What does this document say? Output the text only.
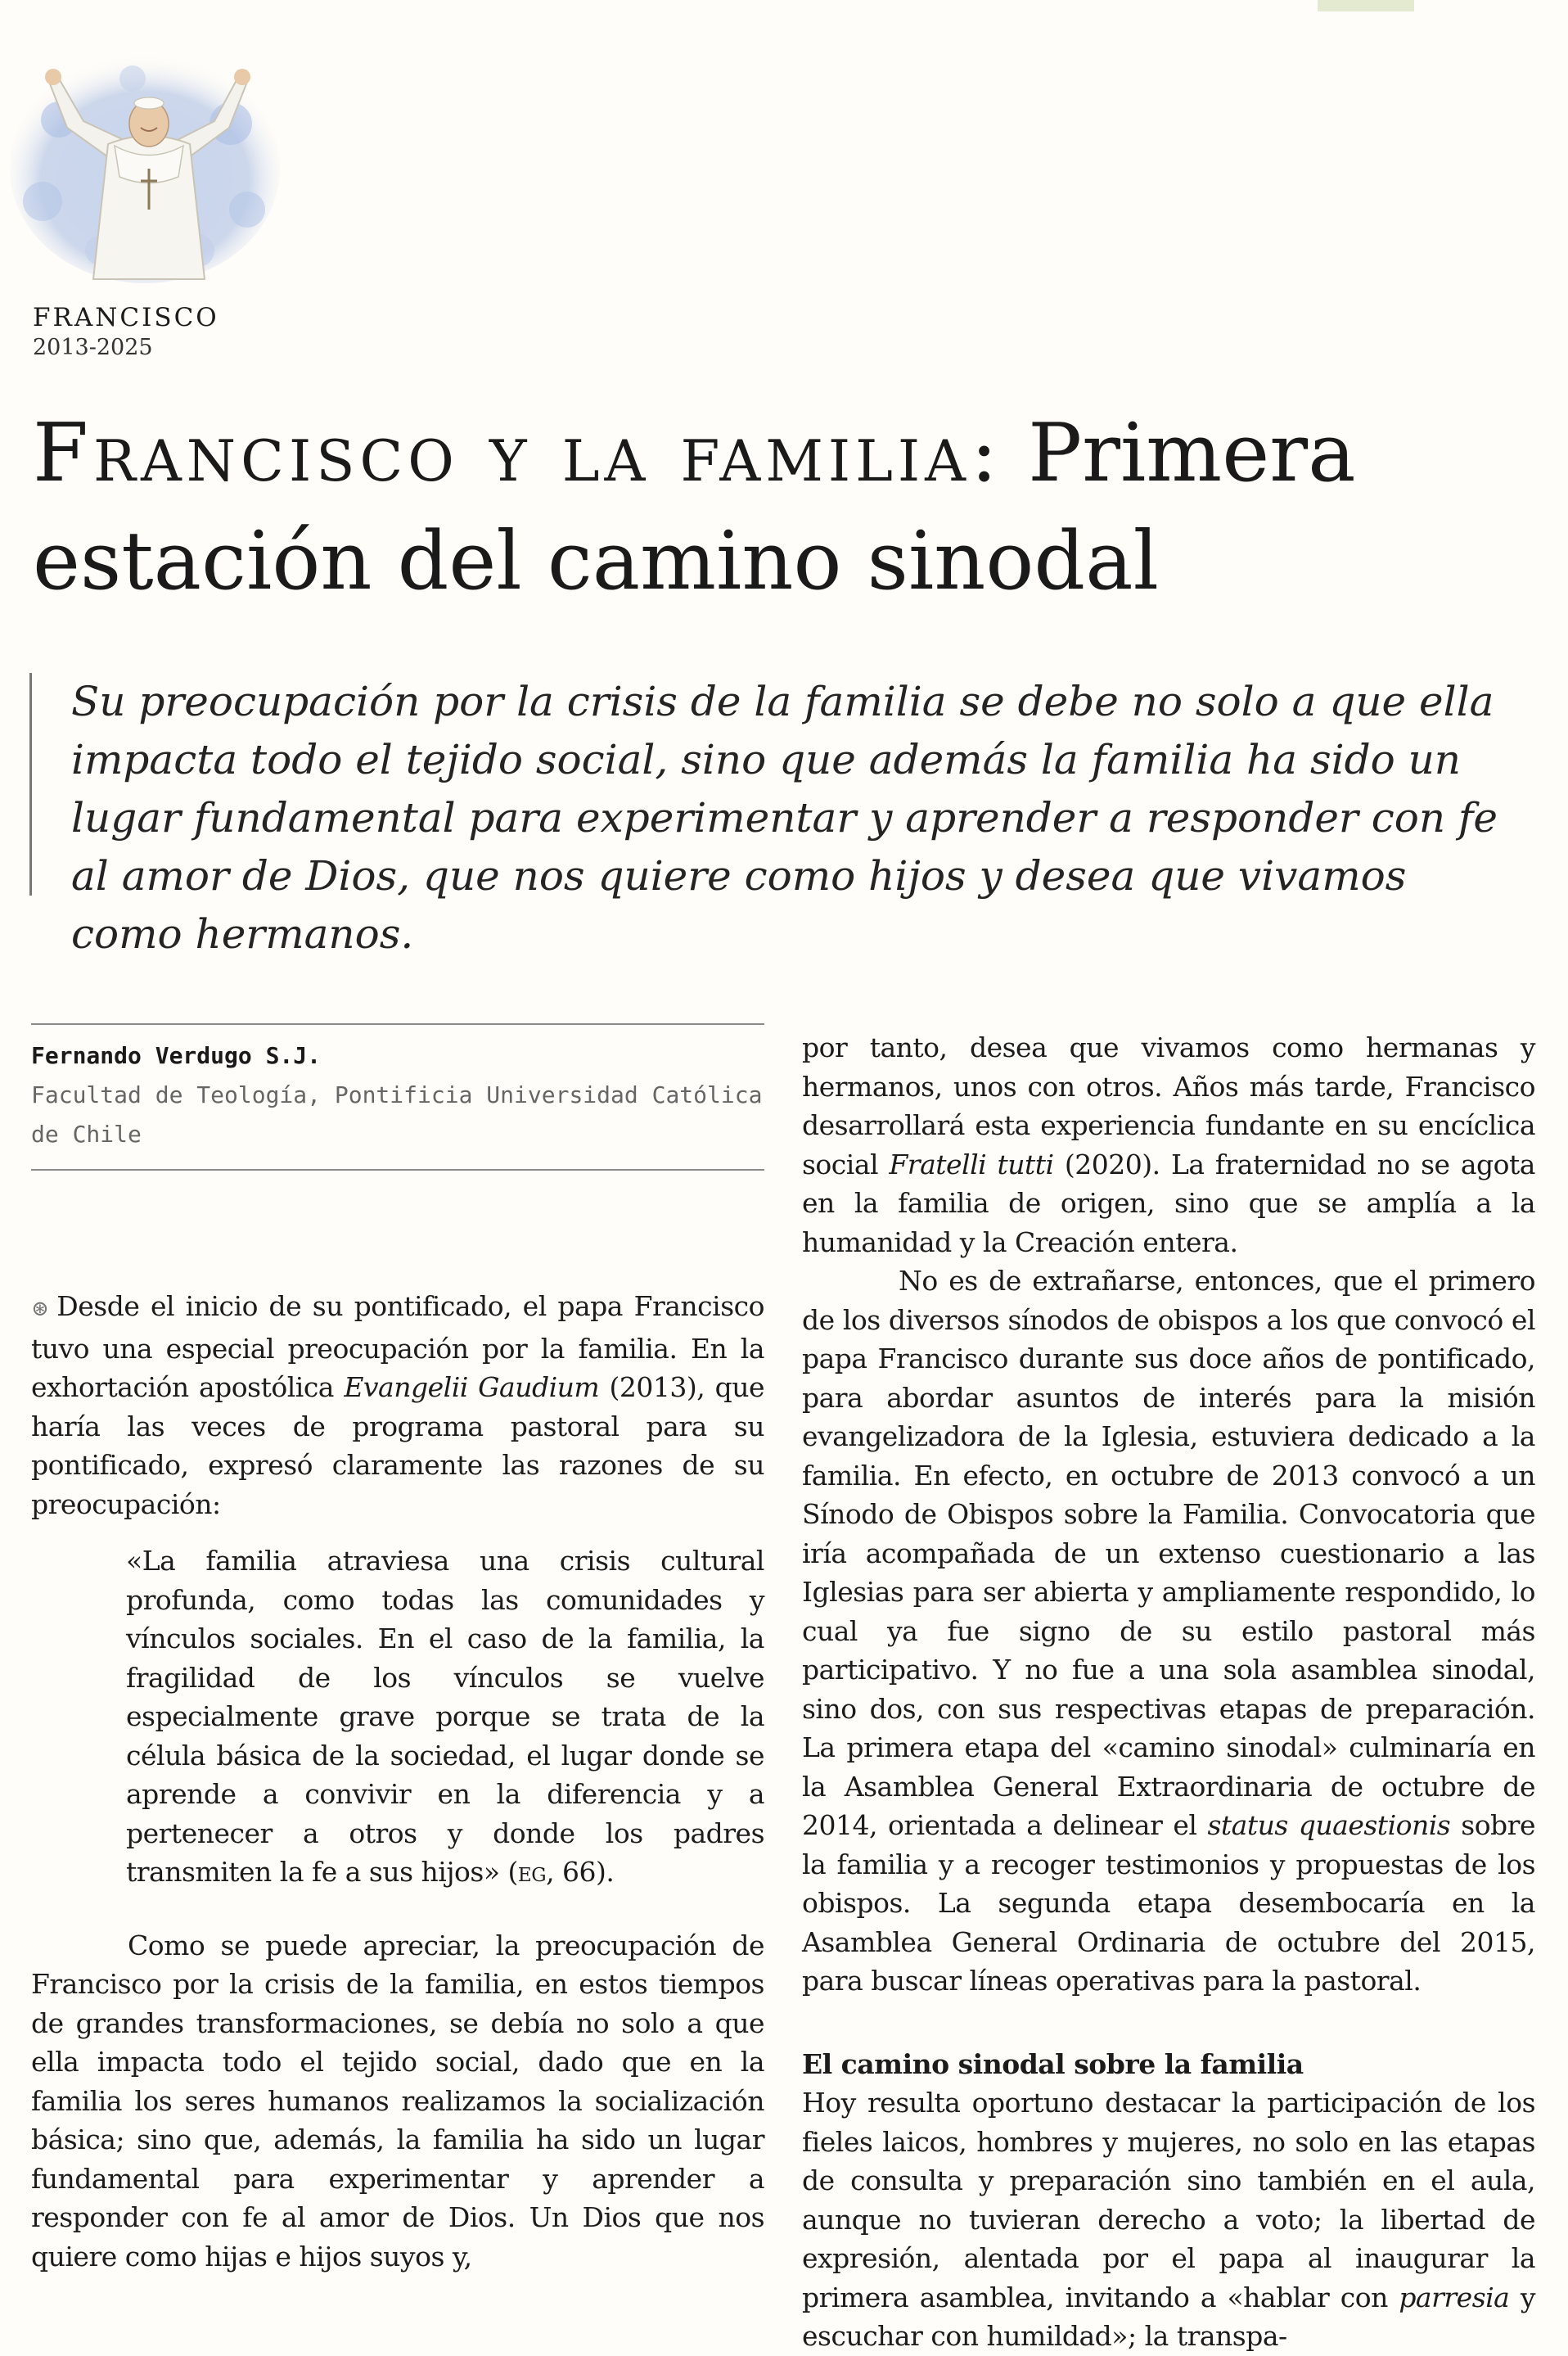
FRANCISCO
2013-2025
Francisco y la familia: Primera estación del camino sinodal
Su preocupación por la crisis de la familia se debe no solo a que ella impacta todo el tejido social, sino que además la familia ha sido un lugar fundamental para experimentar y aprender a responder con fe al amor de Dios, que nos quiere como hijos y desea que vivamos como hermanos.
Fernando Verdugo S.J.
Facultad de Teología, Pontificia Universidad Católica de Chile

⊛ Desde el inicio de su pontificado, el papa Francisco tuvo una especial preocupación por la familia. En la exhortación apostólica Evangelii Gaudium (2013), que haría las veces de programa pastoral para su pontificado, expresó claramente las razones de su preocupación:

«La familia atraviesa una crisis cultural profunda, como todas las comunidades y vínculos sociales. En el caso de la familia, la fragilidad de los vínculos se vuelve especialmente grave porque se trata de la célula básica de la sociedad, el lugar donde se aprende a convivir en la diferencia y a pertenecer a otros y donde los padres transmiten la fe a sus hijos» (eg, 66).

Como se puede apreciar, la preocupación de Francisco por la crisis de la familia, en estos tiempos de grandes transformaciones, se debía no solo a que ella impacta todo el tejido social, dado que en la familia los seres humanos realizamos la socialización básica; sino que, además, la familia ha sido un lugar fundamental para experimentar y aprender a responder con fe al amor de Dios. Un Dios que nos quiere como hijas e hijos suyos y,

por tanto, desea que vivamos como hermanas y hermanos, unos con otros. Años más tarde, Francisco desarrollará esta experiencia fundante en su encíclica social Fratelli tutti (2020). La fraternidad no se agota en la familia de origen, sino que se amplía a la humanidad y la Creación entera.

No es de extrañarse, entonces, que el primero de los diversos sínodos de obispos a los que convocó el papa Francisco durante sus doce años de pontificado, para abordar asuntos de interés para la misión evangelizadora de la Iglesia, estuviera dedicado a la familia. En efecto, en octubre de 2013 convocó a un Sínodo de Obispos sobre la Familia. Convocatoria que iría acompañada de un extenso cuestionario a las Iglesias para ser abierta y ampliamente respondido, lo cual ya fue signo de su estilo pastoral más participativo. Y no fue a una sola asamblea sinodal, sino dos, con sus respectivas etapas de preparación. La primera etapa del «camino sinodal» culminaría en la Asamblea General Extraordinaria de octubre de 2014, orientada a delinear el status quaestionis sobre la familia y a recoger testimonios y propuestas de los obispos. La segunda etapa desembocaría en la Asamblea General Ordinaria de octubre del 2015, para buscar líneas operativas para la pastoral.

El camino sinodal sobre la familia

Hoy resulta oportuno destacar la participación de los fieles laicos, hombres y mujeres, no solo en las etapas de consulta y preparación sino también en el aula, aunque no tuvieran derecho a voto; la libertad de expresión, alentada por el papa al inaugurar la primera asamblea, invitando a «hablar con parresia y escuchar con humildad»; la transpa-
